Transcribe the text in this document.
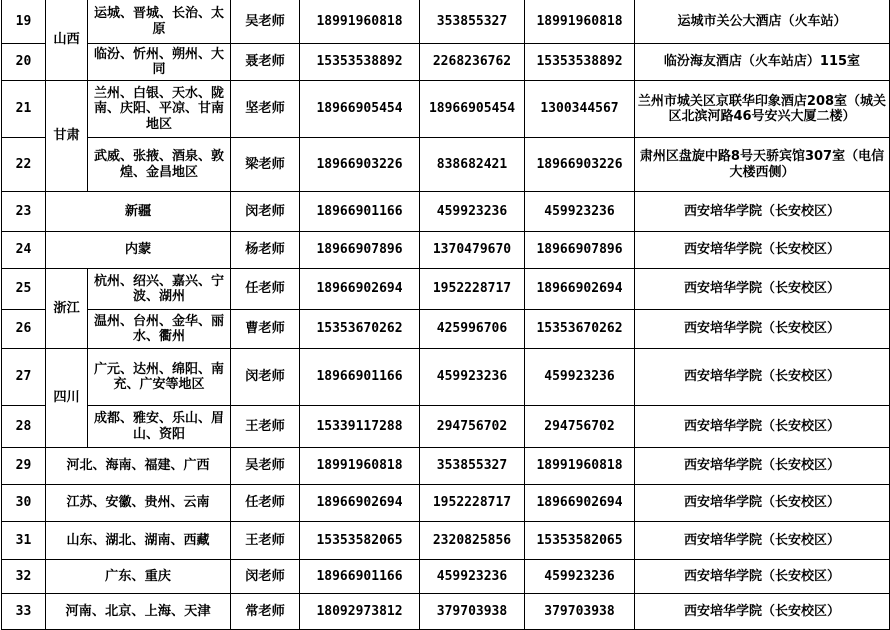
19	山西	运城、晋城、长治、太原	吴老师	18991960818	353855327	18991960818	运城市关公大酒店（火车站）
20		临汾、忻州、朔州、大同	聂老师	15353538892	2268236762	15353538892	临汾海友酒店（火车站店）115室
21	甘肃	兰州、白银、天水、陇南、庆阳、平凉、甘南地区	坚老师	18966905454	18966905454	1300344567	兰州市城关区京联华印象酒店208室（城关区北滨河路46号安兴大厦二楼）
22		武威、张掖、酒泉、敦煌、金昌地区	梁老师	18966903226	838682421	18966903226	肃州区盘旋中路8号天骄宾馆307室（电信大楼西侧）
23	新疆		闵老师	18966901166	459923236	459923236	西安培华学院（长安校区）
24	内蒙		杨老师	18966907896	1370479670	18966907896	西安培华学院（长安校区）
25	浙江	杭州、绍兴、嘉兴、宁波、湖州	任老师	18966902694	1952228717	18966902694	西安培华学院（长安校区）
26		温州、台州、金华、丽水、衢州	曹老师	15353670262	425996706	15353670262	西安培华学院（长安校区）
27	四川	广元、达州、绵阳、南充、广安等地区	闵老师	18966901166	459923236	459923236	西安培华学院（长安校区）
28		成都、雅安、乐山、眉山、资阳	王老师	15339117288	294756702	294756702	西安培华学院（长安校区）
29	河北、海南、福建、广西		吴老师	18991960818	353855327	18991960818	西安培华学院（长安校区）
30	江苏、安徽、贵州、云南		任老师	18966902694	1952228717	18966902694	西安培华学院（长安校区）
31	山东、湖北、湖南、西藏		王老师	15353582065	2320825856	15353582065	西安培华学院（长安校区）
32	广东、重庆		闵老师	18966901166	459923236	459923236	西安培华学院（长安校区）
33	河南、北京、上海、天津		常老师	18092973812	379703938	379703938	西安培华学院（长安校区）
